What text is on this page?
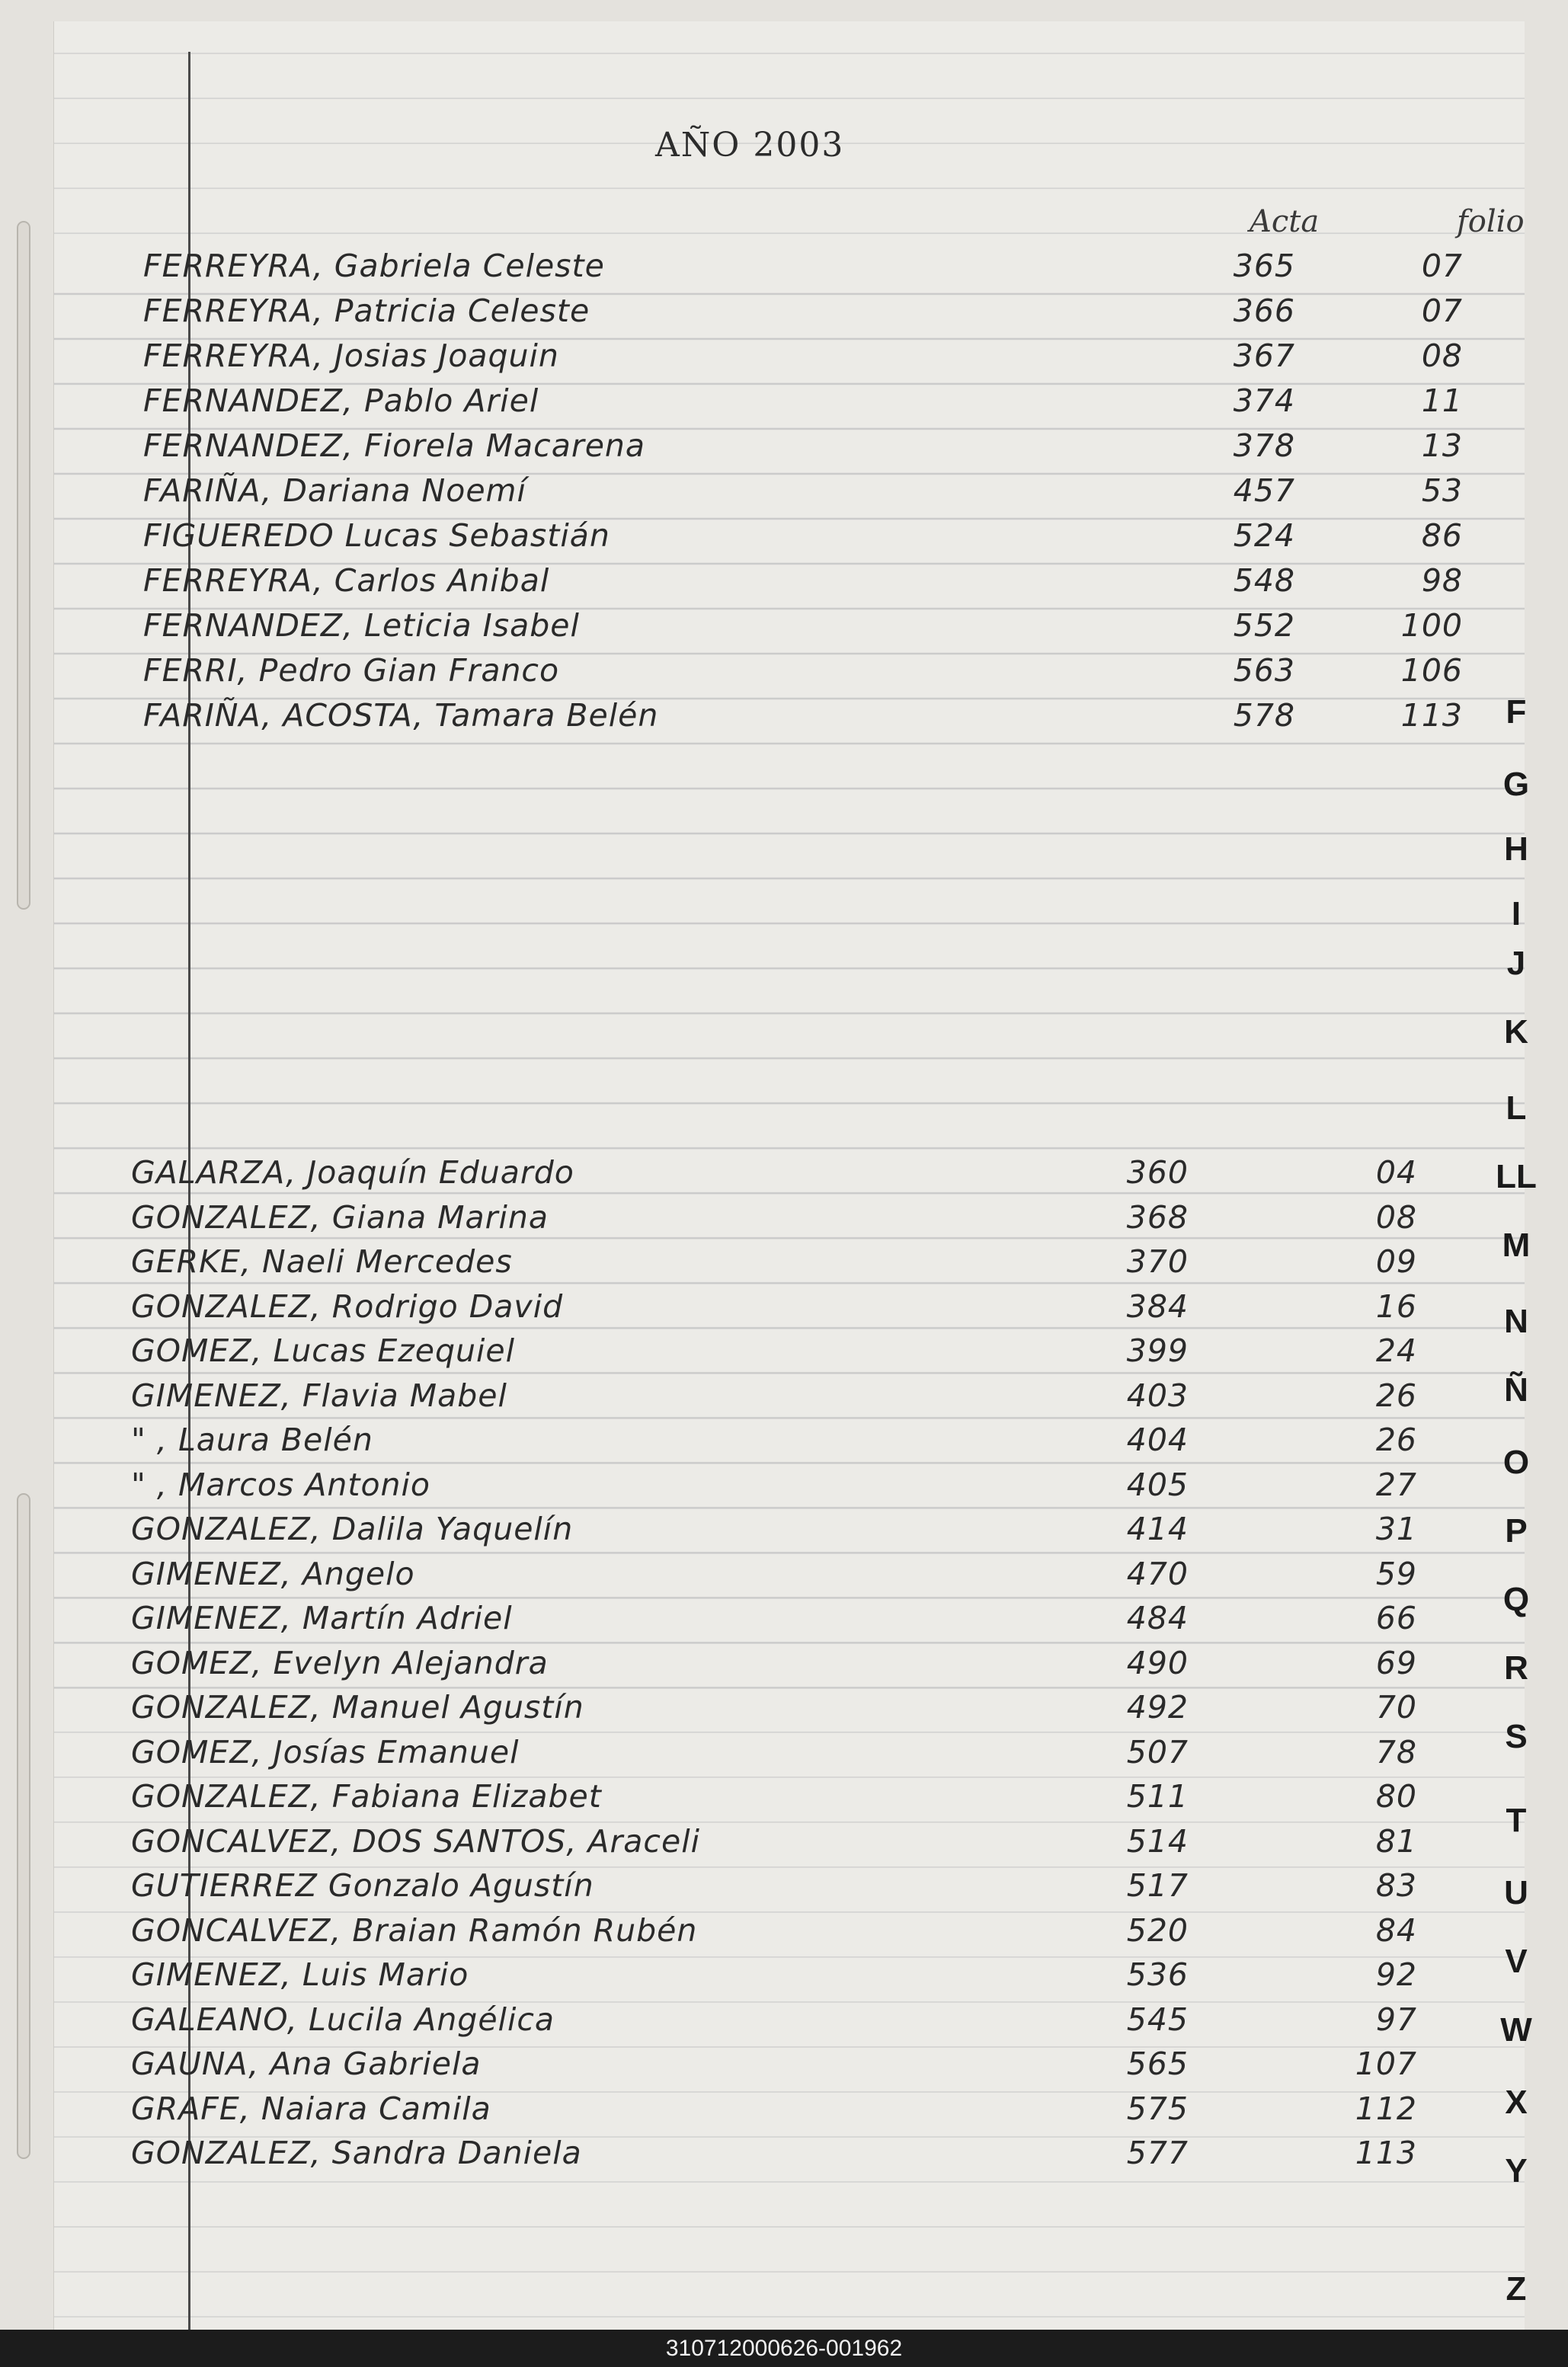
AÑO 2003
Acta	folio
FERREYRA, Gabriela Celeste	365	07
FERREYRA, Patricia Celeste	366	07
FERREYRA, Josias Joaquin	367	08
FERNANDEZ, Pablo Ariel	374	11
FERNANDEZ, Fiorela Macarena	378	13
FARIÑA, Dariana Noemí	457	53
FIGUEREDO Lucas Sebastián	524	86
FERREYRA, Carlos Anibal	548	98
FERNANDEZ, Leticia Isabel	552	100
FERRI, Pedro Gian Franco	563	106
FARIÑA, ACOSTA, Tamara Belén	578	113
GALARZA, Joaquín Eduardo	360	04
GONZALEZ, Giana Marina	368	08
GERKE, Naeli Mercedes	370	09
GONZALEZ, Rodrigo David	384	16
GOMEZ, Lucas Ezequiel	399	24
GIMENEZ, Flavia Mabel	403	26
" , Laura Belén	404	26
" , Marcos Antonio	405	27
GONZALEZ, Dalila Yaquelín	414	31
GIMENEZ, Angelo	470	59
GIMENEZ, Martín Adriel	484	66
GOMEZ, Evelyn Alejandra	490	69
GONZALEZ, Manuel Agustín	492	70
GOMEZ, Josías Emanuel	507	78
GONZALEZ, Fabiana Elizabet	511	80
GONCALVEZ, DOS SANTOS, Araceli	514	81
GUTIERREZ Gonzalo Agustín	517	83
GONCALVEZ, Braian Ramón Rubén	520	84
GIMENEZ, Luis Mario	536	92
GALEANO, Lucila Angélica	545	97
GAUNA, Ana Gabriela	565	107
GRAFE, Naiara Camila	575	112
GONZALEZ, Sandra Daniela	577	113
F
G
H
I
J
K
L
LL
M
N
Ñ
O
P
Q
R
S
T
U
V
W
X
Y
Z
310712000626-001962
